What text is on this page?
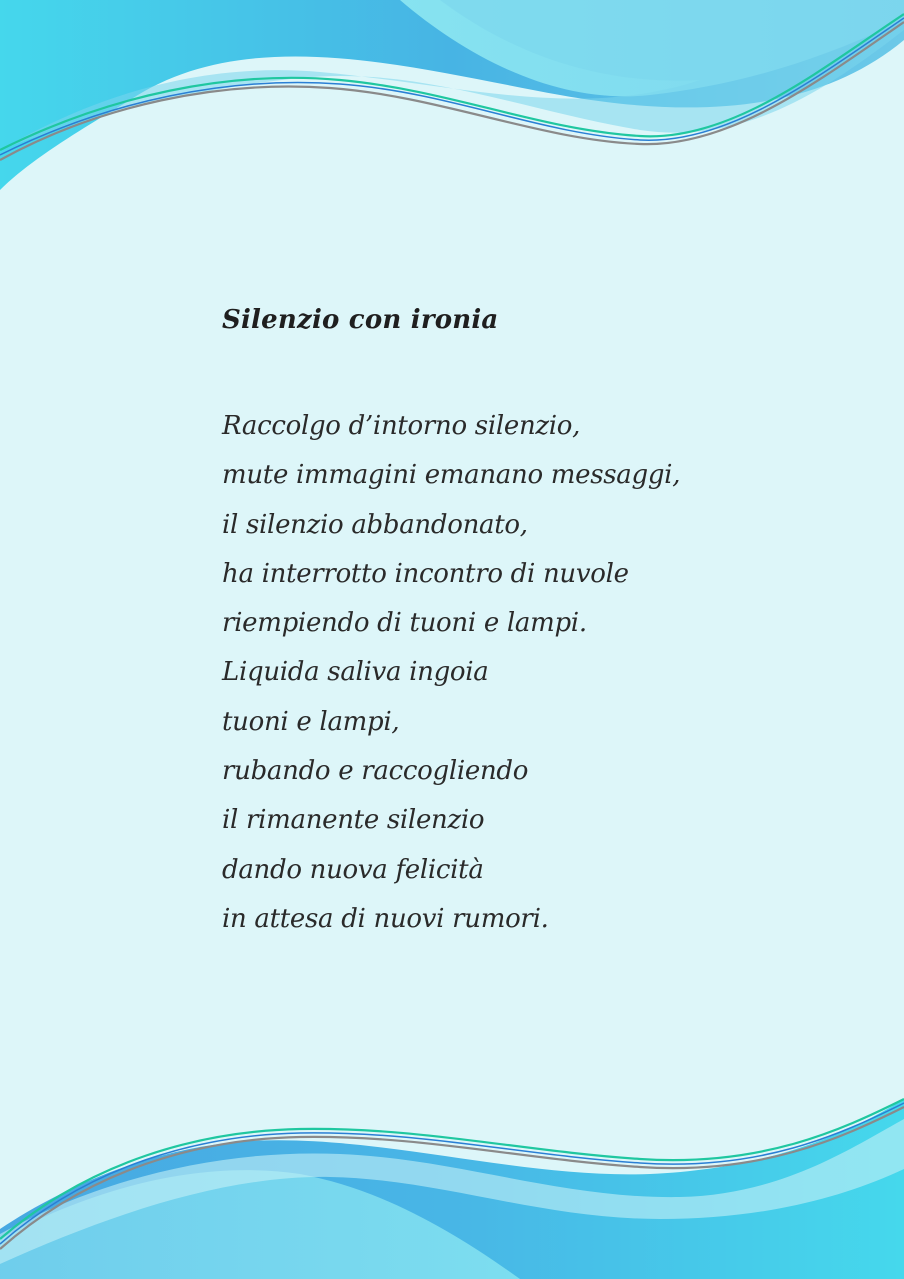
Silenzio con ironia
Raccolgo d’intorno silenzio,
mute immagini emanano messaggi,
il silenzio abbandonato,
ha interrotto incontro di nuvole
riempiendo di tuoni e lampi.
Liquida saliva ingoia
tuoni e lampi,
rubando e raccogliendo
il rimanente silenzio
dando nuova felicità
in attesa di nuovi rumori.
